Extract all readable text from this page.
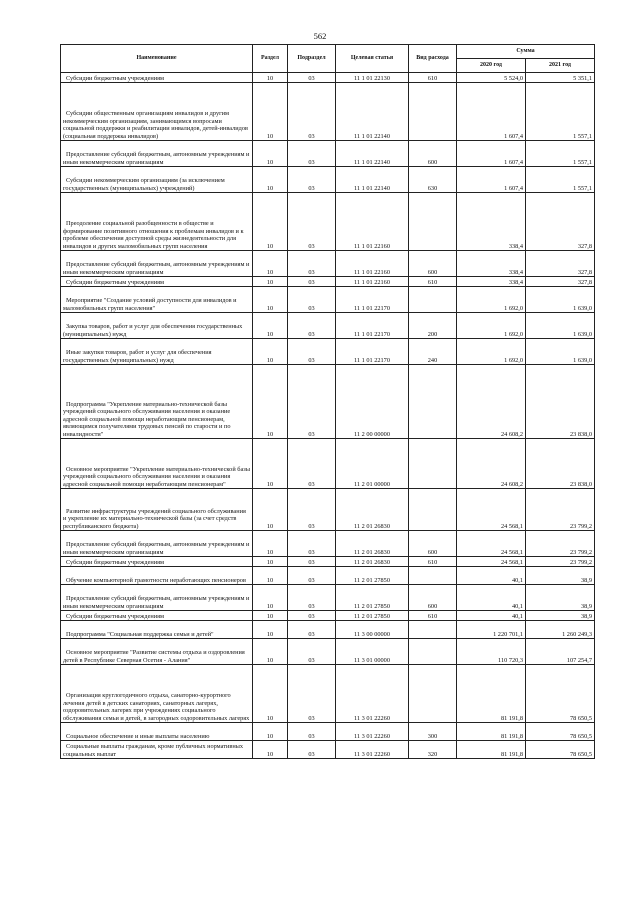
562
Наименование	Раздел	Подраздел	Целевая статья	Вид расхода	Сумма	
					2020 год	2021 год
Субсидии бюджетным учреждениям	10	03	11 1 01 22130	610	5 524,0	5 351,1
Субсидии общественным организациям инвалидов и другим некоммерческим организациям, занимающимся вопросами социальной поддержки и реабилитации инвалидов, детей-инвалидов (социальная поддержка инвалидов)	10	03	11 1 01 22140		1 607,4	1 557,1
Предоставление субсидий бюджетным, автономным учреждениям и иным некоммерческим организациям	10	03	11 1 01 22140	600	1 607,4	1 557,1
Субсидии некоммерческим организациям (за исключением государственных (муниципальных) учреждений)	10	03	11 1 01 22140	630	1 607,4	1 557,1
Преодоление социальной разобщенности в обществе и формирование позитивного отношения к проблемам инвалидов и к проблеме обеспечения доступной среды жизнедеятельности для инвалидов и других маломобильных групп населения	10	03	11 1 01 22160		338,4	327,8
Предоставление субсидий бюджетным, автономным учреждениям и иным некоммерческим организациям	10	03	11 1 01 22160	600	338,4	327,8
Субсидии бюджетным учреждениям	10	03	11 1 01 22160	610	338,4	327,8
Мероприятие "Создание условий доступности для инвалидов и маломобильных групп населения"	10	03	11 1 01 22170		1 692,0	1 639,0
Закупка товаров, работ и услуг для обеспечения государственных (муниципальных) нужд	10	03	11 1 01 22170	200	1 692,0	1 639,0
Иные закупки товаров, работ и услуг для обеспечения государственных (муниципальных) нужд	10	03	11 1 01 22170	240	1 692,0	1 639,0
Подпрограмма "Укрепление материально-технической базы учреждений социального обслуживания населения и оказание адресной социальной помощи неработающим пенсионерам, являющимся получателями трудовых пенсий по старости и по инвалидности"	10	03	11 2 00 00000		24 608,2	23 838,0
Основное мероприятие "Укрепление материально-технической базы учреждений социального обслуживания населения и оказания адресной социальной помощи неработающим пенсионерам"	10	03	11 2 01 00000		24 608,2	23 838,0
Развитие инфраструктуры учреждений социального обслуживания и укрепление их материально-технической базы (за счет средств республиканского бюджета)	10	03	11 2 01 26830		24 568,1	23 799,2
Предоставление субсидий бюджетным, автономным учреждениям и иным некоммерческим организациям	10	03	11 2 01 26830	600	24 568,1	23 799,2
Субсидии бюджетным учреждениям	10	03	11 2 01 26830	610	24 568,1	23 799,2
Обучение компьютерной грамотности неработающих пенсионеров	10	03	11 2 01 27850		40,1	38,9
Предоставление субсидий бюджетным, автономным учреждениям и иным некоммерческим организациям	10	03	11 2 01 27850	600	40,1	38,9
Субсидии бюджетным учреждениям	10	03	11 2 01 27850	610	40,1	38,9
Подпрограмма "Социальная поддержка семьи и детей"	10	03	11 3 00 00000		1 220 701,1	1 260 249,3
Основное мероприятие "Развитие системы отдыха и оздоровления детей в Республике Северная Осетия - Алания"	10	03	11 3 01 00000		110 720,3	107 254,7
Организация круглогодичного отдыха, санаторно-курортного лечения детей в детских санаториях, санаторных лагерях, оздоровительных лагерях при учреждениях социального обслуживания семьи и детей, в загородных оздоровительных лагерях	10	03	11 3 01 22260		81 191,8	78 650,5
Социальное обеспечение и иные выплаты населению	10	03	11 3 01 22260	300	81 191,8	78 650,5
Социальные выплаты гражданам, кроме публичных нормативных социальных выплат	10	03	11 3 01 22260	320	81 191,8	78 650,5
